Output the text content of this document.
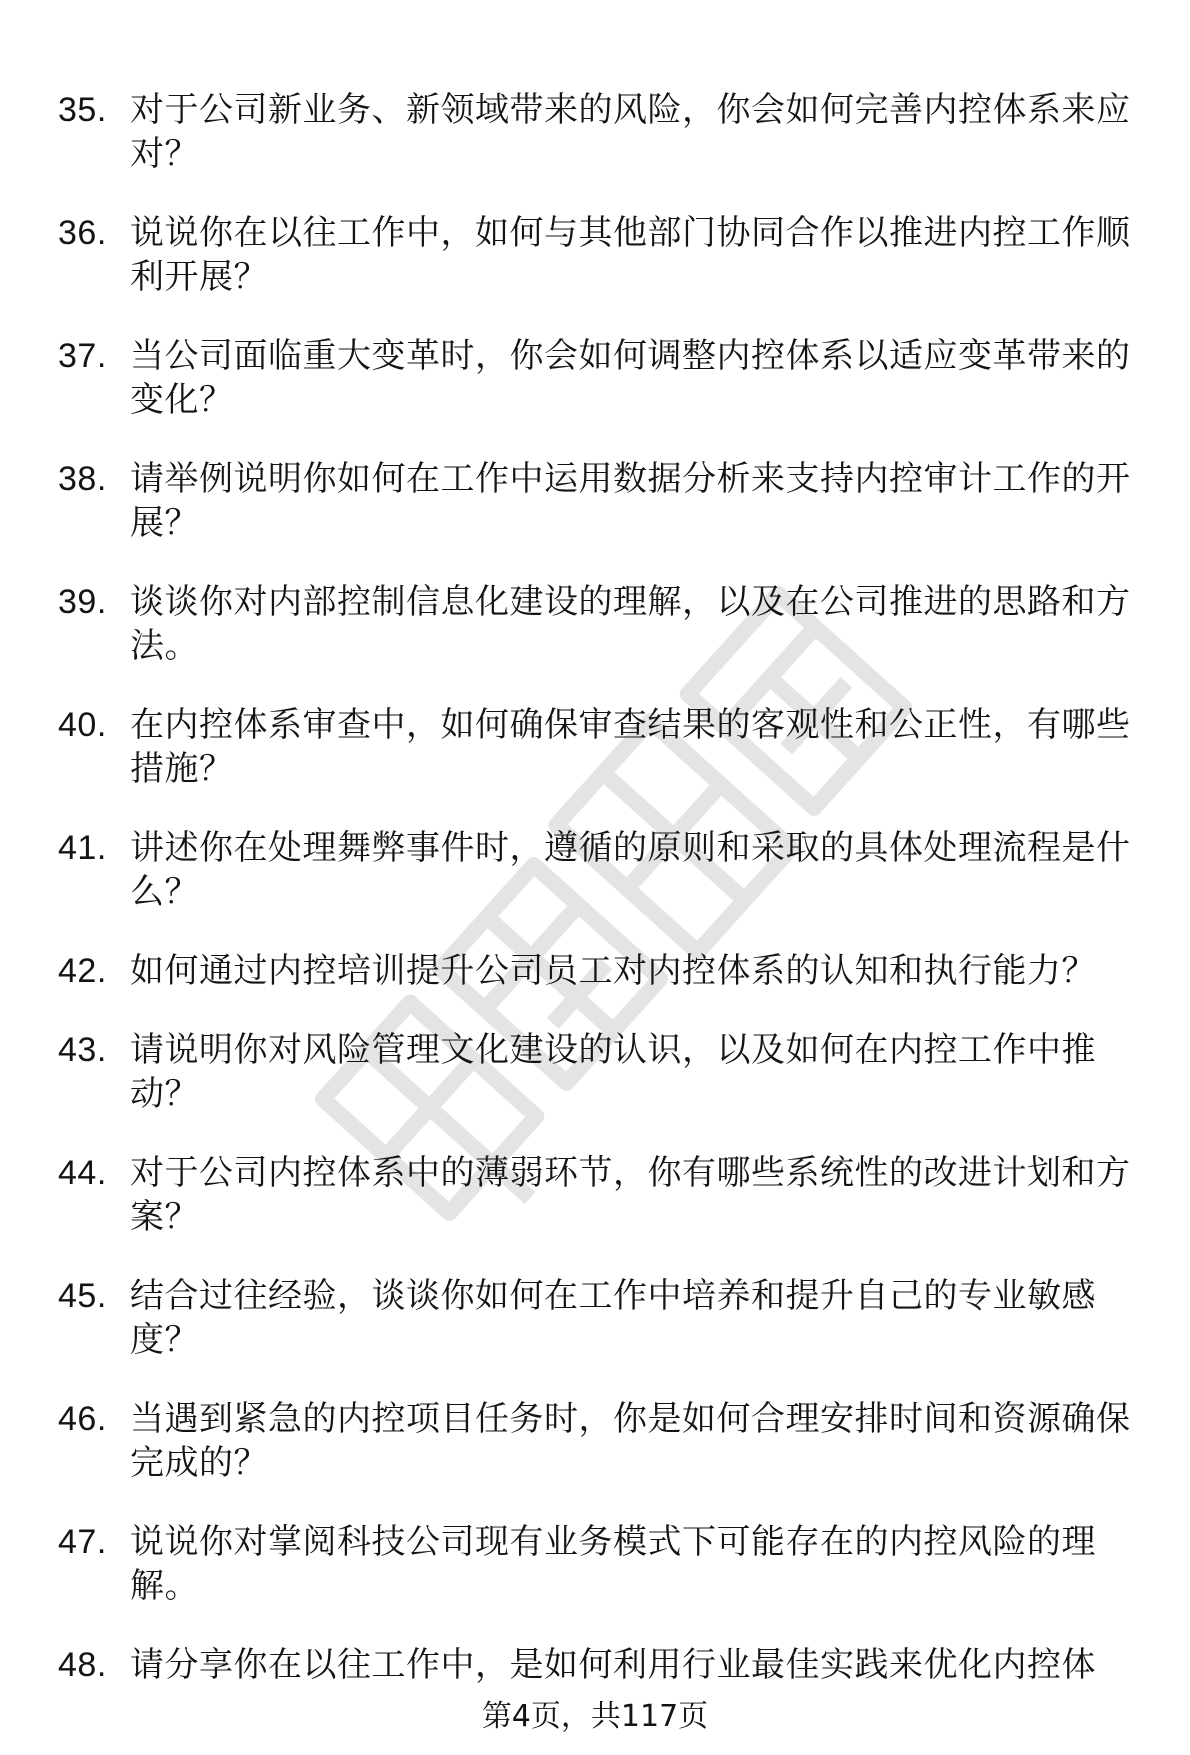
35. 对于公司新业务、新领域带来的风险，你会如何完善内控体系来应对？
36. 说说你在以往工作中，如何与其他部门协同合作以推进内控工作顺利开展？
37. 当公司面临重大变革时，你会如何调整内控体系以适应变革带来的变化？
38. 请举例说明你如何在工作中运用数据分析来支持内控审计工作的开展？
39. 谈谈你对内部控制信息化建设的理解，以及在公司推进的思路和方法。
40. 在内控体系审查中，如何确保审查结果的客观性和公正性，有哪些措施？
41. 讲述你在处理舞弊事件时，遵循的原则和采取的具体处理流程是什么？
42. 如何通过内控培训提升公司员工对内控体系的认知和执行能力？
43. 请说明你对风险管理文化建设的认识，以及如何在内控工作中推动？
44. 对于公司内控体系中的薄弱环节，你有哪些系统性的改进计划和方案？
45. 结合过往经验，谈谈你如何在工作中培养和提升自己的专业敏感度？
46. 当遇到紧急的内控项目任务时，你是如何合理安排时间和资源确保完成的？
47. 说说你对掌阅科技公司现有业务模式下可能存在的内控风险的理解。
48. 请分享你在以往工作中，是如何利用行业最佳实践来优化内控体
第4页，共117页
